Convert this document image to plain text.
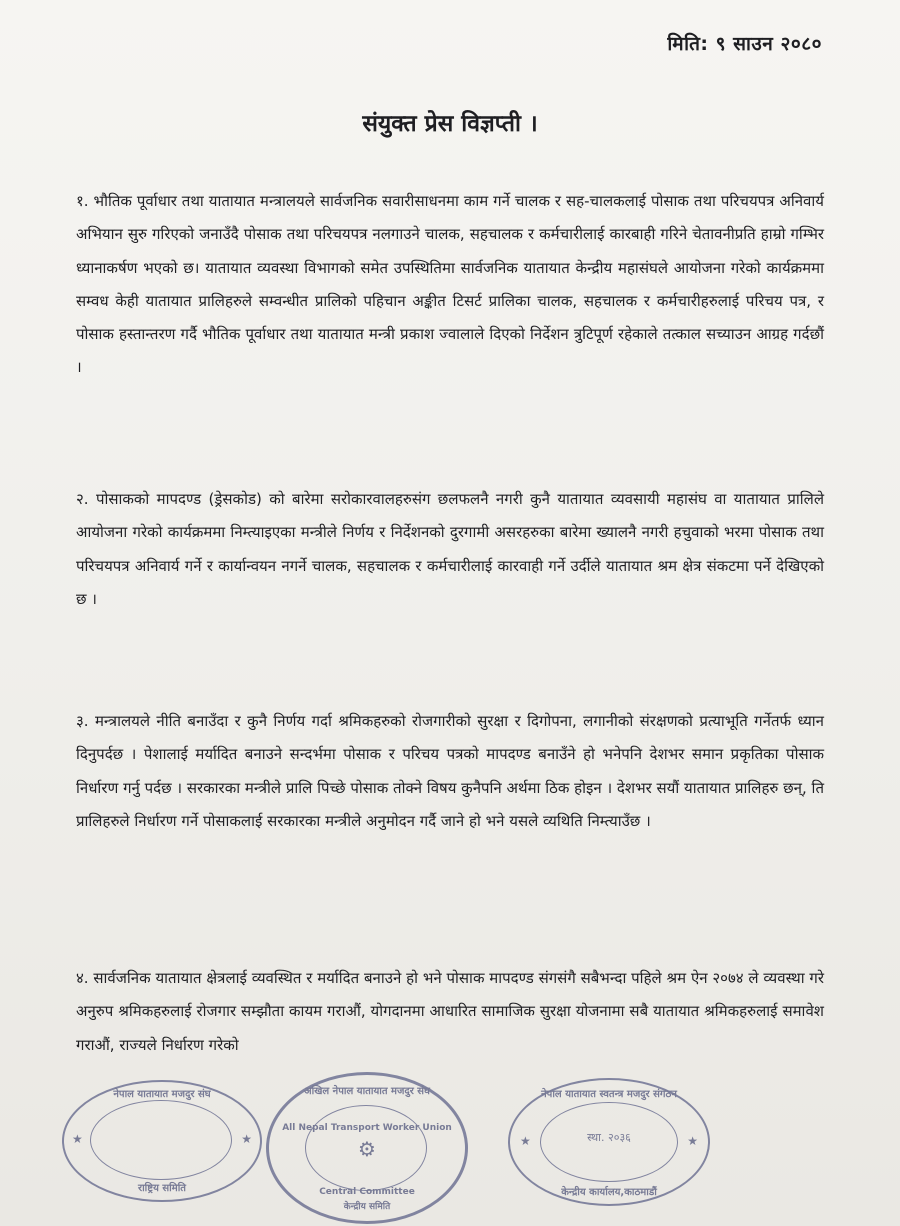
मिति: ९ साउन २०८०
संयुक्त प्रेस विज्ञप्ती ।

१. भौतिक पूर्वाधार तथा यातायात मन्त्रालयले सार्वजनिक सवारीसाधनमा काम गर्ने चालक र सह-चालकलाई पोसाक तथा परिचयपत्र अनिवार्य अभियान सुरु गरिएको जनाउँदै पोसाक तथा परिचयपत्र नलगाउने चालक, सहचालक र कर्मचारीलाई कारबाही गरिने चेतावनीप्रति हाम्रो गम्भिर ध्यानाकर्षण भएको छ। यातायात व्यवस्था विभागको समेत उपस्थितिमा सार्वजनिक यातायात केन्द्रीय महासंघले आयोजना गरेको कार्यक्रममा सम्वध केही यातायात प्रालिहरुले सम्वन्धीत प्रालिको पहिचान अङ्कीत टिसर्ट प्रालिका चालक, सहचालक र कर्मचारीहरुलाई परिचय पत्र, र पोसाक हस्तान्तरण गर्दै भौतिक पूर्वाधार तथा यातायात मन्त्री प्रकाश ज्वालाले दिएको निर्देशन त्रुटिपूर्ण रहेकाले तत्काल सच्याउन आग्रह गर्दछौं ।

२. पोसाकको मापदण्ड (ड्रेसकोड) को बारेमा सरोकारवालहरुसंग छलफलनै नगरी कुनै यातायात व्यवसायी महासंघ वा यातायात प्रालिले आयोजना गरेको कार्यक्रममा निम्त्याइएका मन्त्रीले निर्णय र निर्देशनको दुरगामी असरहरुका बारेमा ख्यालनै नगरी हचुवाको भरमा पोसाक तथा परिचयपत्र अनिवार्य गर्ने र कार्यान्वयन नगर्ने चालक, सहचालक र कर्मचारीलाई कारवाही गर्ने उर्दीले यातायात श्रम क्षेत्र संकटमा पर्ने देखिएको छ ।

३. मन्त्रालयले नीति बनाउँदा र कुनै निर्णय गर्दा श्रमिकहरुको रोजगारीको सुरक्षा र दिगोपना, लगानीको संरक्षणको प्रत्याभूति गर्नेतर्फ ध्यान दिनुपर्दछ । पेशालाई मर्यादित बनाउने सन्दर्भमा पोसाक र परिचय पत्रको मापदण्ड बनाउँने हो भनेपनि देशभर समान प्रकृतिका पोसाक निर्धारण गर्नु पर्दछ । सरकारका मन्त्रीले प्रालि पिच्छे पोसाक तोक्ने विषय कुनैपनि अर्थमा ठिक होइन । देशभर सयौं यातायात प्रालिहरु छन्, ति प्रालिहरुले निर्धारण गर्ने पोसाकलाई सरकारका मन्त्रीले अनुमोदन गर्दै जाने हो भने यसले व्यथिति निम्त्याउँछ ।

४. सार्वजनिक यातायात क्षेत्रलाई व्यवस्थित र मर्यादित बनाउने हो भने पोसाक मापदण्ड संगसंगै सबैभन्दा पहिले श्रम ऐन २०७४ ले व्यवस्था गरे अनुरुप श्रमिकहरुलाई रोजगार सम्झौता कायम गराऔं, योगदानमा आधारित सामाजिक सुरक्षा योजनामा सबै यातायात श्रमिकहरुलाई समावेश गराऔं, राज्यले निर्धारण गरेको

नेपाल यातायात मजदुर संघ
राष्ट्रिय समिति
★	★
अखिल नेपाल यातायात मजदुर संघ
All Nepal Transport Worker Union
⚙
Central Committee
केन्द्रीय समिति
नेपाल यातायात स्वतन्त्र मजदुर संगठन
स्था. २०३६
केन्द्रीय कार्यालय,काठमाडौं
★	★
